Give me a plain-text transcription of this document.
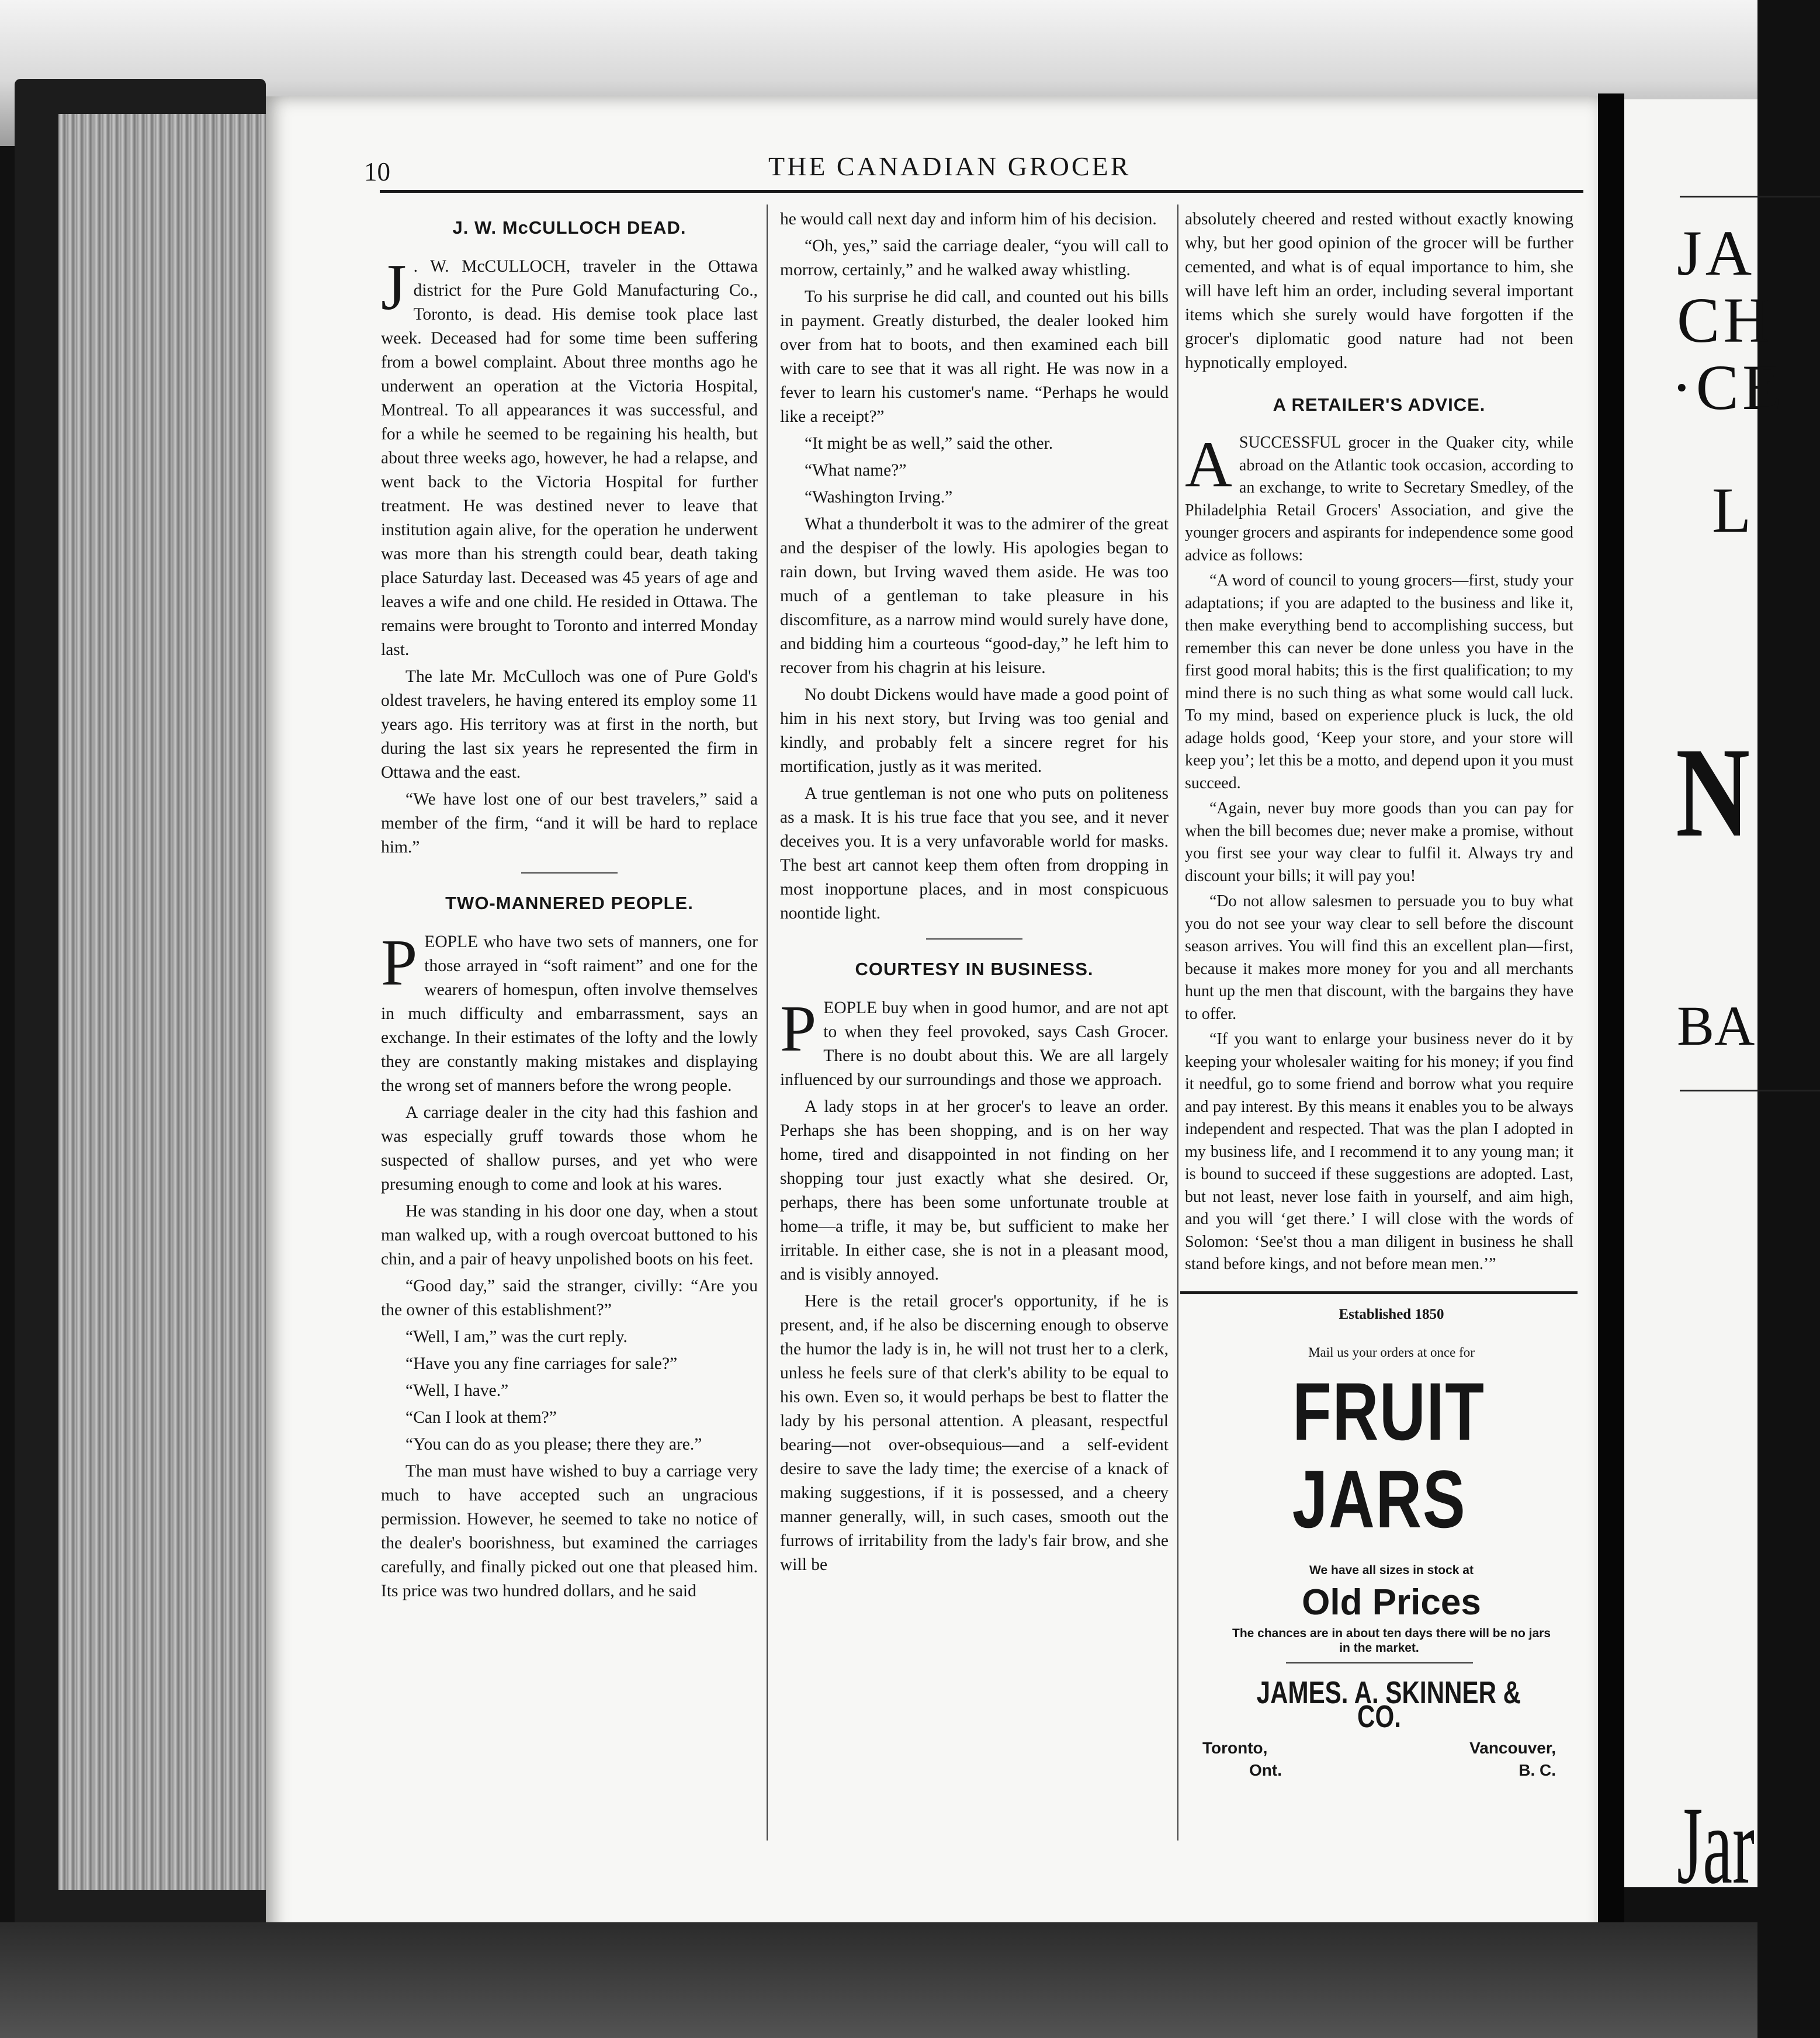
JA
CH
·CE
L
N
BA
Jar
10	THE CANADIAN GROCER
J. W. McCULLOCH DEAD.

J . W. McCULLOCH, traveler in the Ottawa district for the Pure Gold Manufacturing Co., Toronto, is dead. His demise took place last week. Deceased had for some time been suffering from a bowel complaint. About three months ago he underwent an operation at the Victoria Hospital, Montreal. To all appearances it was successful, and for a while he seemed to be regaining his health, but about three weeks ago, however, he had a relapse, and went back to the Victoria Hospital for further treatment. He was destined never to leave that institution again alive, for the operation he underwent was more than his strength could bear, death taking place Saturday last. Deceased was 45 years of age and leaves a wife and one child. He resided in Ottawa. The remains were brought to Toronto and interred Monday last.

The late Mr. McCulloch was one of Pure Gold's oldest travelers, he having entered its employ some 11 years ago. His territory was at first in the north, but during the last six years he represented the firm in Ottawa and the east.

“We have lost one of our best travelers,” said a member of the firm, “and it will be hard to replace him.”

TWO-MANNERED PEOPLE.

PEOPLE who have two sets of manners, one for those arrayed in “soft raiment” and one for the wearers of homespun, often involve themselves in much difficulty and embarrassment, says an exchange. In their estimates of the lofty and the lowly they are constantly making mistakes and displaying the wrong set of manners before the wrong people.

A carriage dealer in the city had this fashion and was especially gruff towards those whom he suspected of shallow purses, and yet who were presuming enough to come and look at his wares.

He was standing in his door one day, when a stout man walked up, with a rough overcoat buttoned to his chin, and a pair of heavy unpolished boots on his feet.

“Good day,” said the stranger, civilly: “Are you the owner of this establishment?”

“Well, I am,” was the curt reply.

“Have you any fine carriages for sale?”

“Well, I have.”

“Can I look at them?”

“You can do as you please; there they are.”

The man must have wished to buy a carriage very much to have accepted such an ungracious permission. However, he seemed to take no notice of the dealer's boorishness, but examined the carriages carefully, and finally picked out one that pleased him. Its price was two hundred dollars, and he said

he would call next day and inform him of his decision.

“Oh, yes,” said the carriage dealer, “you will call to morrow, certainly,” and he walked away whistling.

To his surprise he did call, and counted out his bills in payment. Greatly disturbed, the dealer looked him over from hat to boots, and then examined each bill with care to see that it was all right. He was now in a fever to learn his customer's name. “Perhaps he would like a receipt?”

“It might be as well,” said the other.

“What name?”

“Washington Irving.”

What a thunderbolt it was to the admirer of the great and the despiser of the lowly. His apologies began to rain down, but Irving waved them aside. He was too much of a gentleman to take pleasure in his discomfiture, as a narrow mind would surely have done, and bidding him a courteous “good-day,” he left him to recover from his chagrin at his leisure.

No doubt Dickens would have made a good point of him in his next story, but Irving was too genial and kindly, and probably felt a sincere regret for his mortification, justly as it was merited.

A true gentleman is not one who puts on politeness as a mask. It is his true face that you see, and it never deceives you. It is a very unfavorable world for masks. The best art cannot keep them often from dropping in most inopportune places, and in most conspicuous noontide light.

COURTESY IN BUSINESS.

PEOPLE buy when in good humor, and are not apt to when they feel provoked, says Cash Grocer. There is no doubt about this. We are all largely influenced by our surroundings and those we approach.

A lady stops in at her grocer's to leave an order. Perhaps she has been shopping, and is on her way home, tired and disappointed in not finding on her shopping tour just exactly what she desired. Or, perhaps, there has been some unfortunate trouble at home—a trifle, it may be, but sufficient to make her irritable. In either case, she is not in a pleasant mood, and is visibly annoyed.

Here is the retail grocer's opportunity, if he is present, and, if he also be discerning enough to observe the humor the lady is in, he will not trust her to a clerk, unless he feels sure of that clerk's ability to be equal to his own. Even so, it would perhaps be best to flatter the lady by his personal attention. A pleasant, respectful bearing—not over-obsequious—and a self-evident desire to save the lady time; the exercise of a knack of making suggestions, if it is possessed, and a cheery manner generally, will, in such cases, smooth out the furrows of irritability from the lady's fair brow, and she will be

absolutely cheered and rested without exactly knowing why, but her good opinion of the grocer will be further cemented, and what is of equal importance to him, she will have left him an order, including several important items which she surely would have forgotten if the grocer's diplomatic good nature had not been hypnotically employed.

A RETAILER'S ADVICE.

ASUCCESSFUL grocer in the Quaker city, while abroad on the Atlantic took occasion, according to an exchange, to write to Secretary Smedley, of the Philadelphia Retail Grocers' Association, and give the younger grocers and aspirants for independence some good advice as follows:

“A word of council to young grocers—first, study your adaptations; if you are adapted to the business and like it, then make everything bend to accomplishing success, but remember this can never be done unless you have in the first good moral habits; this is the first qualification; to my mind there is no such thing as what some would call luck. To my mind, based on experience pluck is luck, the old adage holds good, ‘Keep your store, and your store will keep you’; let this be a motto, and depend upon it you must succeed.

“Again, never buy more goods than you can pay for when the bill becomes due; never make a promise, without you first see your way clear to fulfil it. Always try and discount your bills; it will pay you!

“Do not allow salesmen to persuade you to buy what you do not see your way clear to sell before the discount season arrives. You will find this an excellent plan—first, because it makes more money for you and all merchants hunt up the men that discount, with the bargains they have to offer.

“If you want to enlarge your business never do it by keeping your wholesaler waiting for his money; if you find it needful, go to some friend and borrow what you require and pay interest. By this means it enables you to be always independent and respected. That was the plan I adopted in my business life, and I recommend it to any young man; it is bound to succeed if these suggestions are adopted. Last, but not least, never lose faith in yourself, and aim high, and you will ‘get there.’ I will close with the words of Solomon: ‘See'st thou a man diligent in business he shall stand before kings, and not before mean men.’”

Established 1850

Mail us your orders at once for

FRUIT JARS

We have all sizes in stock at

Old Prices

The chances are in about ten days there will be no jars in the market.

JAMES. A. SKINNER & CO.

Toronto,
Ont.
Vancouver,
B. C.
